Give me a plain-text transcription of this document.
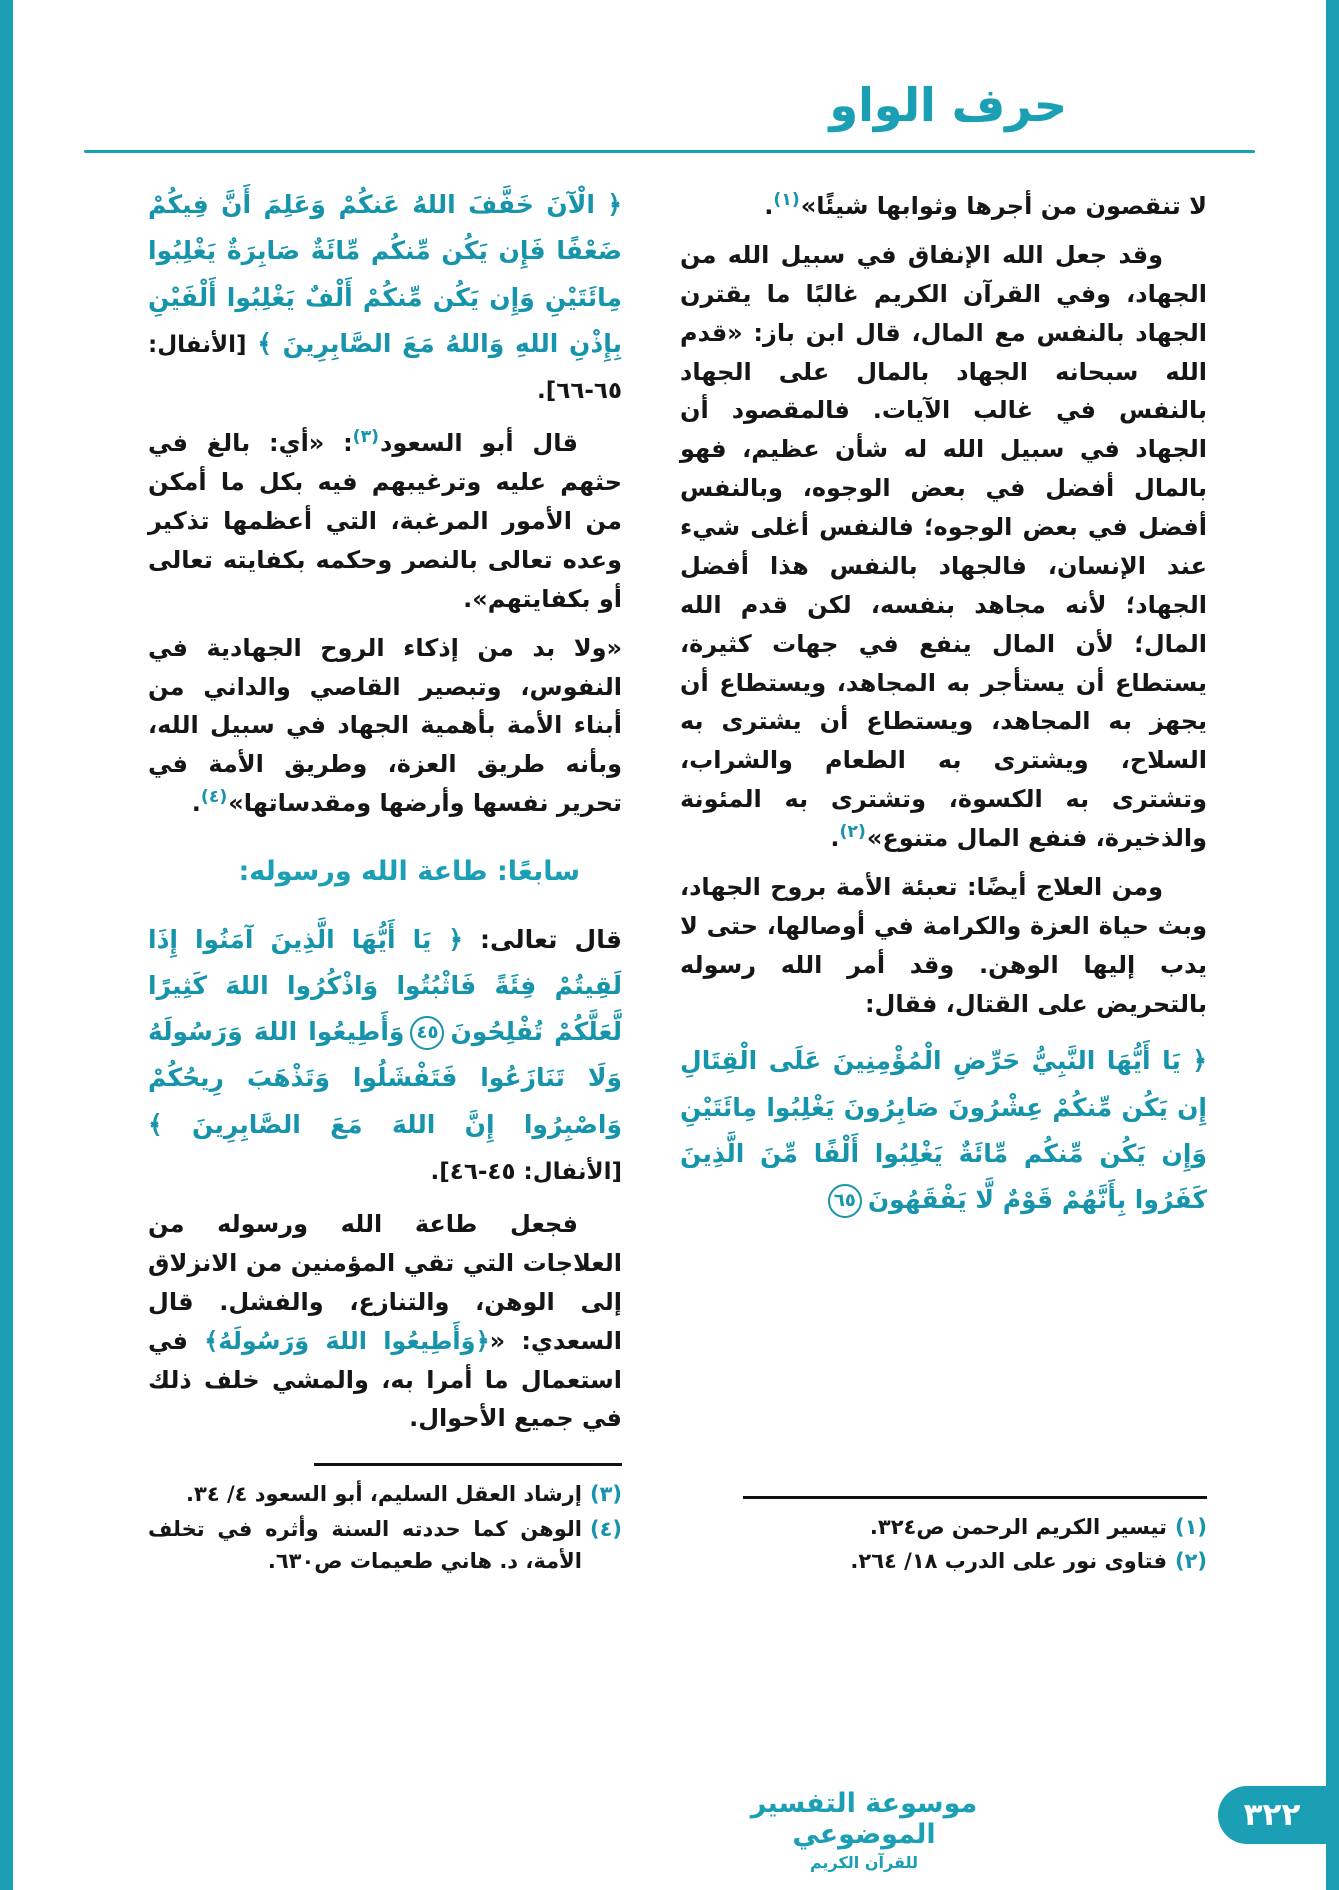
حرف الواو

لا تنقصون من أجرها وثوابها شيئًا»$^{(١)}$.

وقد جعل الله الإنفاق في سبيل الله من الجهاد، وفي القرآن الكريم غالبًا ما يقترن الجهاد بالنفس مع المال، قال ابن باز: «قدم الله سبحانه الجهاد بالمال على الجهاد بالنفس في غالب الآيات. فالمقصود أن الجهاد في سبيل الله له شأن عظيم، فهو بالمال أفضل في بعض الوجوه، وبالنفس أفضل في بعض الوجوه؛ فالنفس أغلى شيء عند الإنسان، فالجهاد بالنفس هذا أفضل الجهاد؛ لأنه مجاهد بنفسه، لكن قدم الله المال؛ لأن المال ينفع في جهات كثيرة، يستطاع أن يستأجر به المجاهد، ويستطاع أن يجهز به المجاهد، ويستطاع أن يشترى به السلاح، ويشترى به الطعام والشراب، وتشترى به الكسوة، وتشترى به المئونة والذخيرة، فنفع المال متنوع»$^{(٢)}$.

ومن العلاج أيضًا: تعبئة الأمة بروح الجهاد، وبث حياة العزة والكرامة في أوصالها، حتى لا يدب إليها الوهن. وقد أمر الله رسوله بالتحريض على القتال، فقال:

﴿ يَا أَيُّهَا النَّبِيُّ حَرِّضِ الْمُؤْمِنِينَ عَلَى الْقِتَالِ إِن يَكُن مِّنكُمْ عِشْرُونَ صَابِرُونَ يَغْلِبُوا مِائَتَيْنِ وَإِن يَكُن مِّنكُم مِّائَةٌ يَغْلِبُوا أَلْفًا مِّنَ الَّذِينَ كَفَرُوا بِأَنَّهُمْ قَوْمٌ لَّا يَفْقَهُونَ٦٥

(١)
تيسير الكريم الرحمن ص٣٢٤.
(٢)
فتاوى نور على الدرب ١٨/ ٢٦٤.

﴿ الْآنَ خَفَّفَ اللهُ عَنكُمْ وَعَلِمَ أَنَّ فِيكُمْ ضَعْفًا فَإِن يَكُن مِّنكُم مِّائَةٌ صَابِرَةٌ يَغْلِبُوا مِائَتَيْنِ وَإِن يَكُن مِّنكُمْ أَلْفٌ يَغْلِبُوا أَلْفَيْنِ بِإِذْنِ اللهِ وَاللهُ مَعَ الصَّابِرِينَ ﴾ [الأنفال: ٦٥-٦٦].

قال أبو السعود$^{(٣)}$: «أي: بالغ في حثهم عليه وترغيبهم فيه بكل ما أمكن من الأمور المرغبة، التي أعظمها تذكير وعده تعالى بالنصر وحكمه بكفايته تعالى أو بكفايتهم».

«ولا بد من إذكاء الروح الجهادية في النفوس، وتبصير القاصي والداني من أبناء الأمة بأهمية الجهاد في سبيل الله، وبأنه طريق العزة، وطريق الأمة في تحرير نفسها وأرضها ومقدساتها»$^{(٤)}$.

سابعًا: طاعة الله ورسوله:

قال تعالى: ﴿ يَا أَيُّهَا الَّذِينَ آمَنُوا إِذَا لَقِيتُمْ فِئَةً فَاثْبُتُوا وَاذْكُرُوا اللهَ كَثِيرًا لَّعَلَّكُمْ تُفْلِحُونَ٤٥وَأَطِيعُوا اللهَ وَرَسُولَهُ وَلَا تَنَازَعُوا فَتَفْشَلُوا وَتَذْهَبَ رِيحُكُمْ وَاصْبِرُوا إِنَّ اللهَ مَعَ الصَّابِرِينَ ﴾ [الأنفال: ٤٥-٤٦].

فجعل طاعة الله ورسوله من العلاجات التي تقي المؤمنين من الانزلاق إلى الوهن، والتنازع، والفشل. قال السعدي: «﴿وَأَطِيعُوا اللهَ وَرَسُولَهُ﴾ في استعمال ما أمرا به، والمشي خلف ذلك في جميع الأحوال.

(٣)
إرشاد العقل السليم، أبو السعود ٤/ ٣٤.
(٤)
الوهن كما حددته السنة وأثره في تخلف الأمة، د. هاني طعيمات ص٦٣٠.
موسوعة التفسير الموضوعي
للقرآن الكريم
٣٢٢
